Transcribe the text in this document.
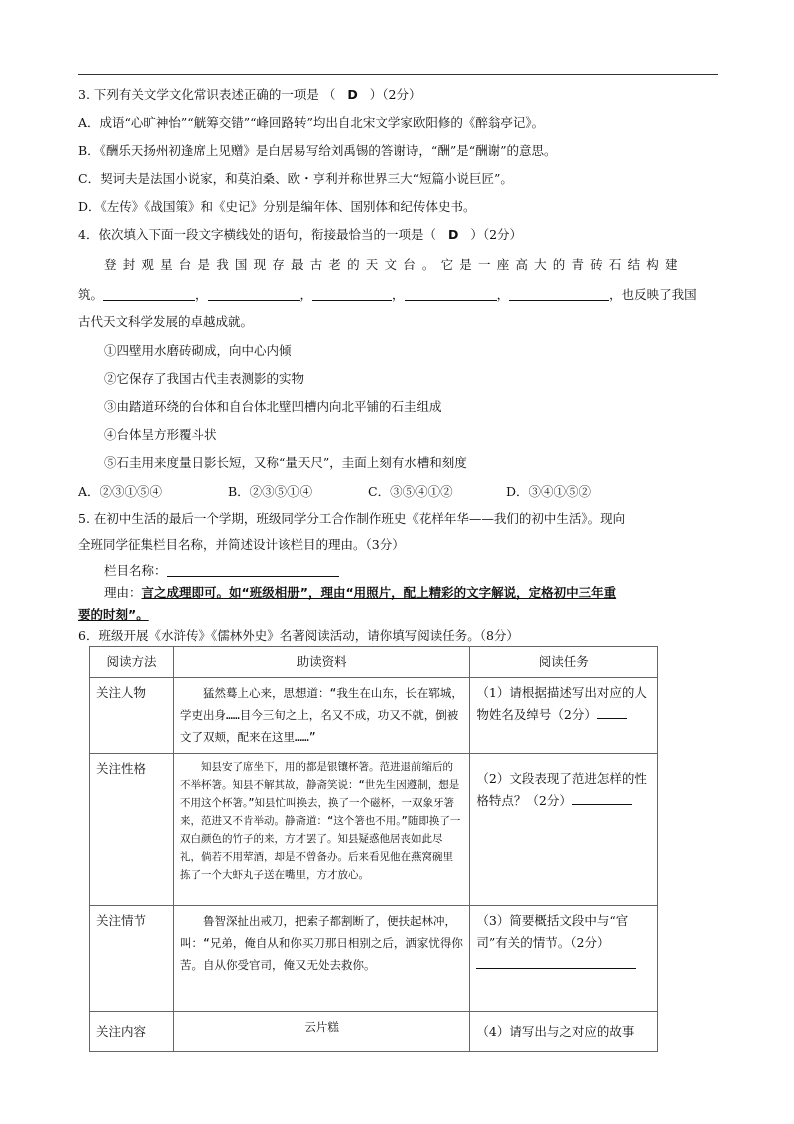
3. 下列有关文学文化常识表述正确的一项是 （ D ）（2分）
A．成语“心旷神怡”“觥筹交错”“峰回路转”均出自北宋文学家欧阳修的《醉翁亭记》。
B．《酬乐天扬州初逢席上见赠》是白居易写给刘禹锡的答谢诗，“酬”是“酬谢”的意思。
C．契诃夫是法国小说家，和莫泊桑、欧・亨利并称世界三大“短篇小说巨匠”。
D．《左传》《战国策》和《史记》分别是编年体、国别体和纪传体史书。
4．依次填入下面一段文字横线处的语句，衔接最恰当的一项是（ D ）（2分）
登封观星台是我国现存最古老的天文台。它是一座高大的青砖石结构建
筑。	，	，	，	，	，也反映了我国
古代天文科学发展的卓越成就。
①四壁用水磨砖砌成，向中心内倾
②它保存了我国古代圭表测影的实物
③由踏道环绕的台体和自台体北壁凹槽内向北平铺的石圭组成
④台体呈方形覆斗状
⑤石圭用来度量日影长短，又称“量天尺”，圭面上刻有水槽和刻度
A．②③①⑤④	B．②③⑤①④	C．③⑤④①②	D．③④①⑤②
5. 在初中生活的最后一个学期，班级同学分工合作制作班史《花样年华——我们的初中生活》。现向
全班同学征集栏目名称，并简述设计该栏目的理由。（3分）
栏目名称：
理由：言之成理即可。如“班级相册”，理由“用照片，配上精彩的文字解说，定格初中三年重
要的时刻”。
6．班级开展《水浒传》《儒林外史》名著阅读活动，请你填写阅读任务。（8分）
阅读方法	助读资料	阅读任务
关注人物	猛然蓦上心来，思想道：“我生在山东，长在郓城，学吏出身……目今三旬之上，名又不成，功又不就，倒被文了双颊，配来在这里……”	（1）请根据描述写出对应的人物姓名及绰号（2分）
关注性格	知县安了席坐下，用的都是银镶杯箸。范进退前缩后的不举杯箸。知县不解其故，静斋笑说：“世先生因遵制，想是不用这个杯箸。”知县忙叫换去，换了一个磁杯，一双象牙箸来，范进又不肯举动。静斋道：“这个箸也不用。”随即换了一双白颜色的竹子的来，方才罢了。知县疑惑他居丧如此尽礼，倘若不用荤酒，却是不曾备办。后来看见他在燕窝碗里拣了一个大虾丸子送在嘴里，方才放心。	（2）文段表现了范进怎样的性格特点？（2分）
关注情节	鲁智深扯出戒刀，把索子都割断了，便扶起林冲，叫：“兄弟，俺自从和你买刀那日相别之后，洒家忧得你苦。自从你受官司，俺又无处去救你。	（3）简要概括文段中与“官司”有关的情节。（2分）

关注内容	云片糕	（4）请写出与之对应的故事
